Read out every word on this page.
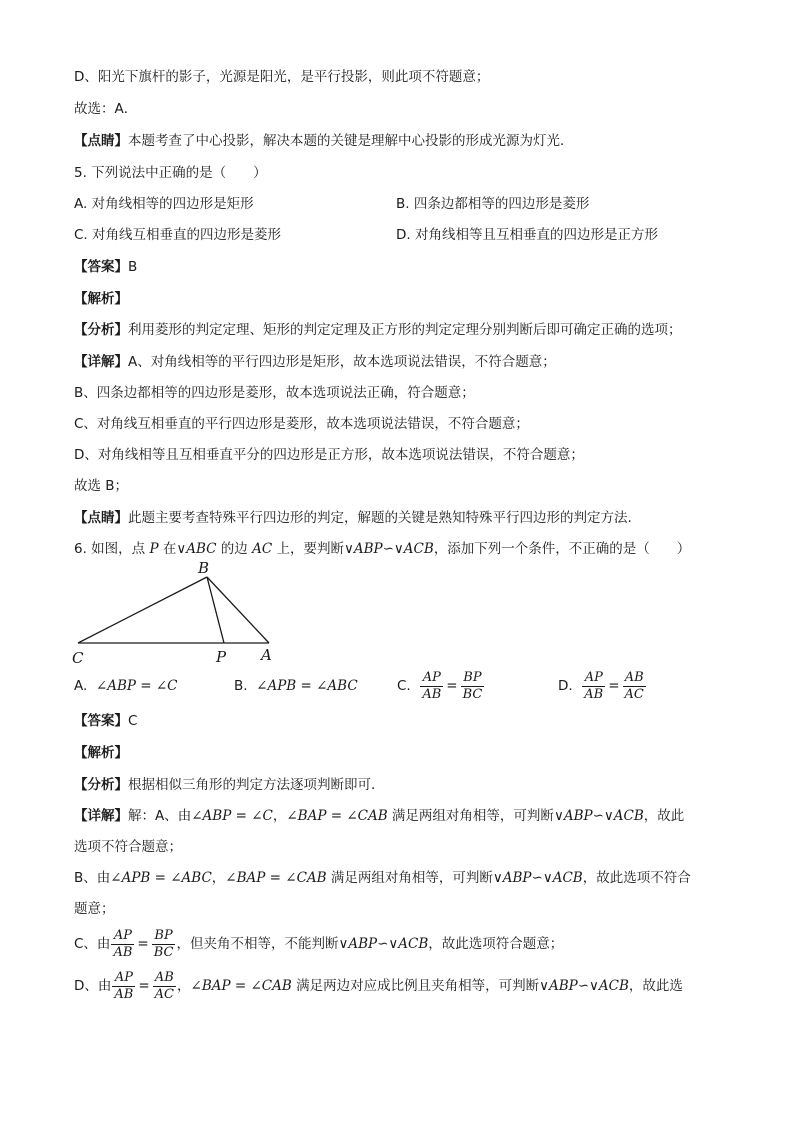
D、阳光下旗杆的影子，光源是阳光，是平行投影，则此项不符题意；
故选：A．
【点睛】本题考查了中心投影，解决本题的关键是理解中心投影的形成光源为灯光．
5. 下列说法中正确的是（　　）
A. 对角线相等的四边形是矩形	B. 四条边都相等的四边形是菱形
C. 对角线互相垂直的四边形是菱形	D. 对角线相等且互相垂直的四边形是正方形
【答案】B
【解析】
【分析】利用菱形的判定定理、矩形的判定定理及正方形的判定定理分别判断后即可确定正确的选项；
【详解】A、对角线相等的平行四边形是矩形，故本选项说法错误，不符合题意；
B、四条边都相等的四边形是菱形，故本选项说法正确，符合题意；
C、对角线互相垂直的平行四边形是菱形，故本选项说法错误，不符合题意；
D、对角线相等且互相垂直平分的四边形是正方形，故本选项说法错误，不符合题意；
故选 B；
【点睛】此题主要考查特殊平行四边形的判定，解题的关键是熟知特殊平行四边形的判定方法.
6. 如图，点 P 在∨ABC 的边 AC 上，要判断∨ABP∽∨ACB，添加下列一个条件，不正确的是（　　）
B
C	P A
A. ∠ABP = ∠C	B. ∠APB = ∠ABC	C. $\frac{AP}{AB} = \frac{BP}{BC}$	D. $\frac{AP}{AB} = \frac{AB}{AC}$
【答案】C
【解析】
【分析】根据相似三角形的判定方法逐项判断即可．
【详解】解：A、由∠ABP = ∠C，∠BAP = ∠CAB 满足两组对角相等，可判断∨ABP∽∨ACB，故此
选项不符合题意；
B、由∠APB = ∠ABC，∠BAP = ∠CAB 满足两组对角相等，可判断∨ABP∽∨ACB，故此选项不符合
题意；
C、由 $\frac{AP}{AB} = \frac{BP}{BC}$ ，但夹角不相等，不能判断∨ABP∽∨ACB，故此选项符合题意；
D、由 $\frac{AP}{AB} = \frac{AB}{AC}$ ，∠BAP = ∠CAB 满足两边对应成比例且夹角相等，可判断∨ABP∽∨ACB，故此选
